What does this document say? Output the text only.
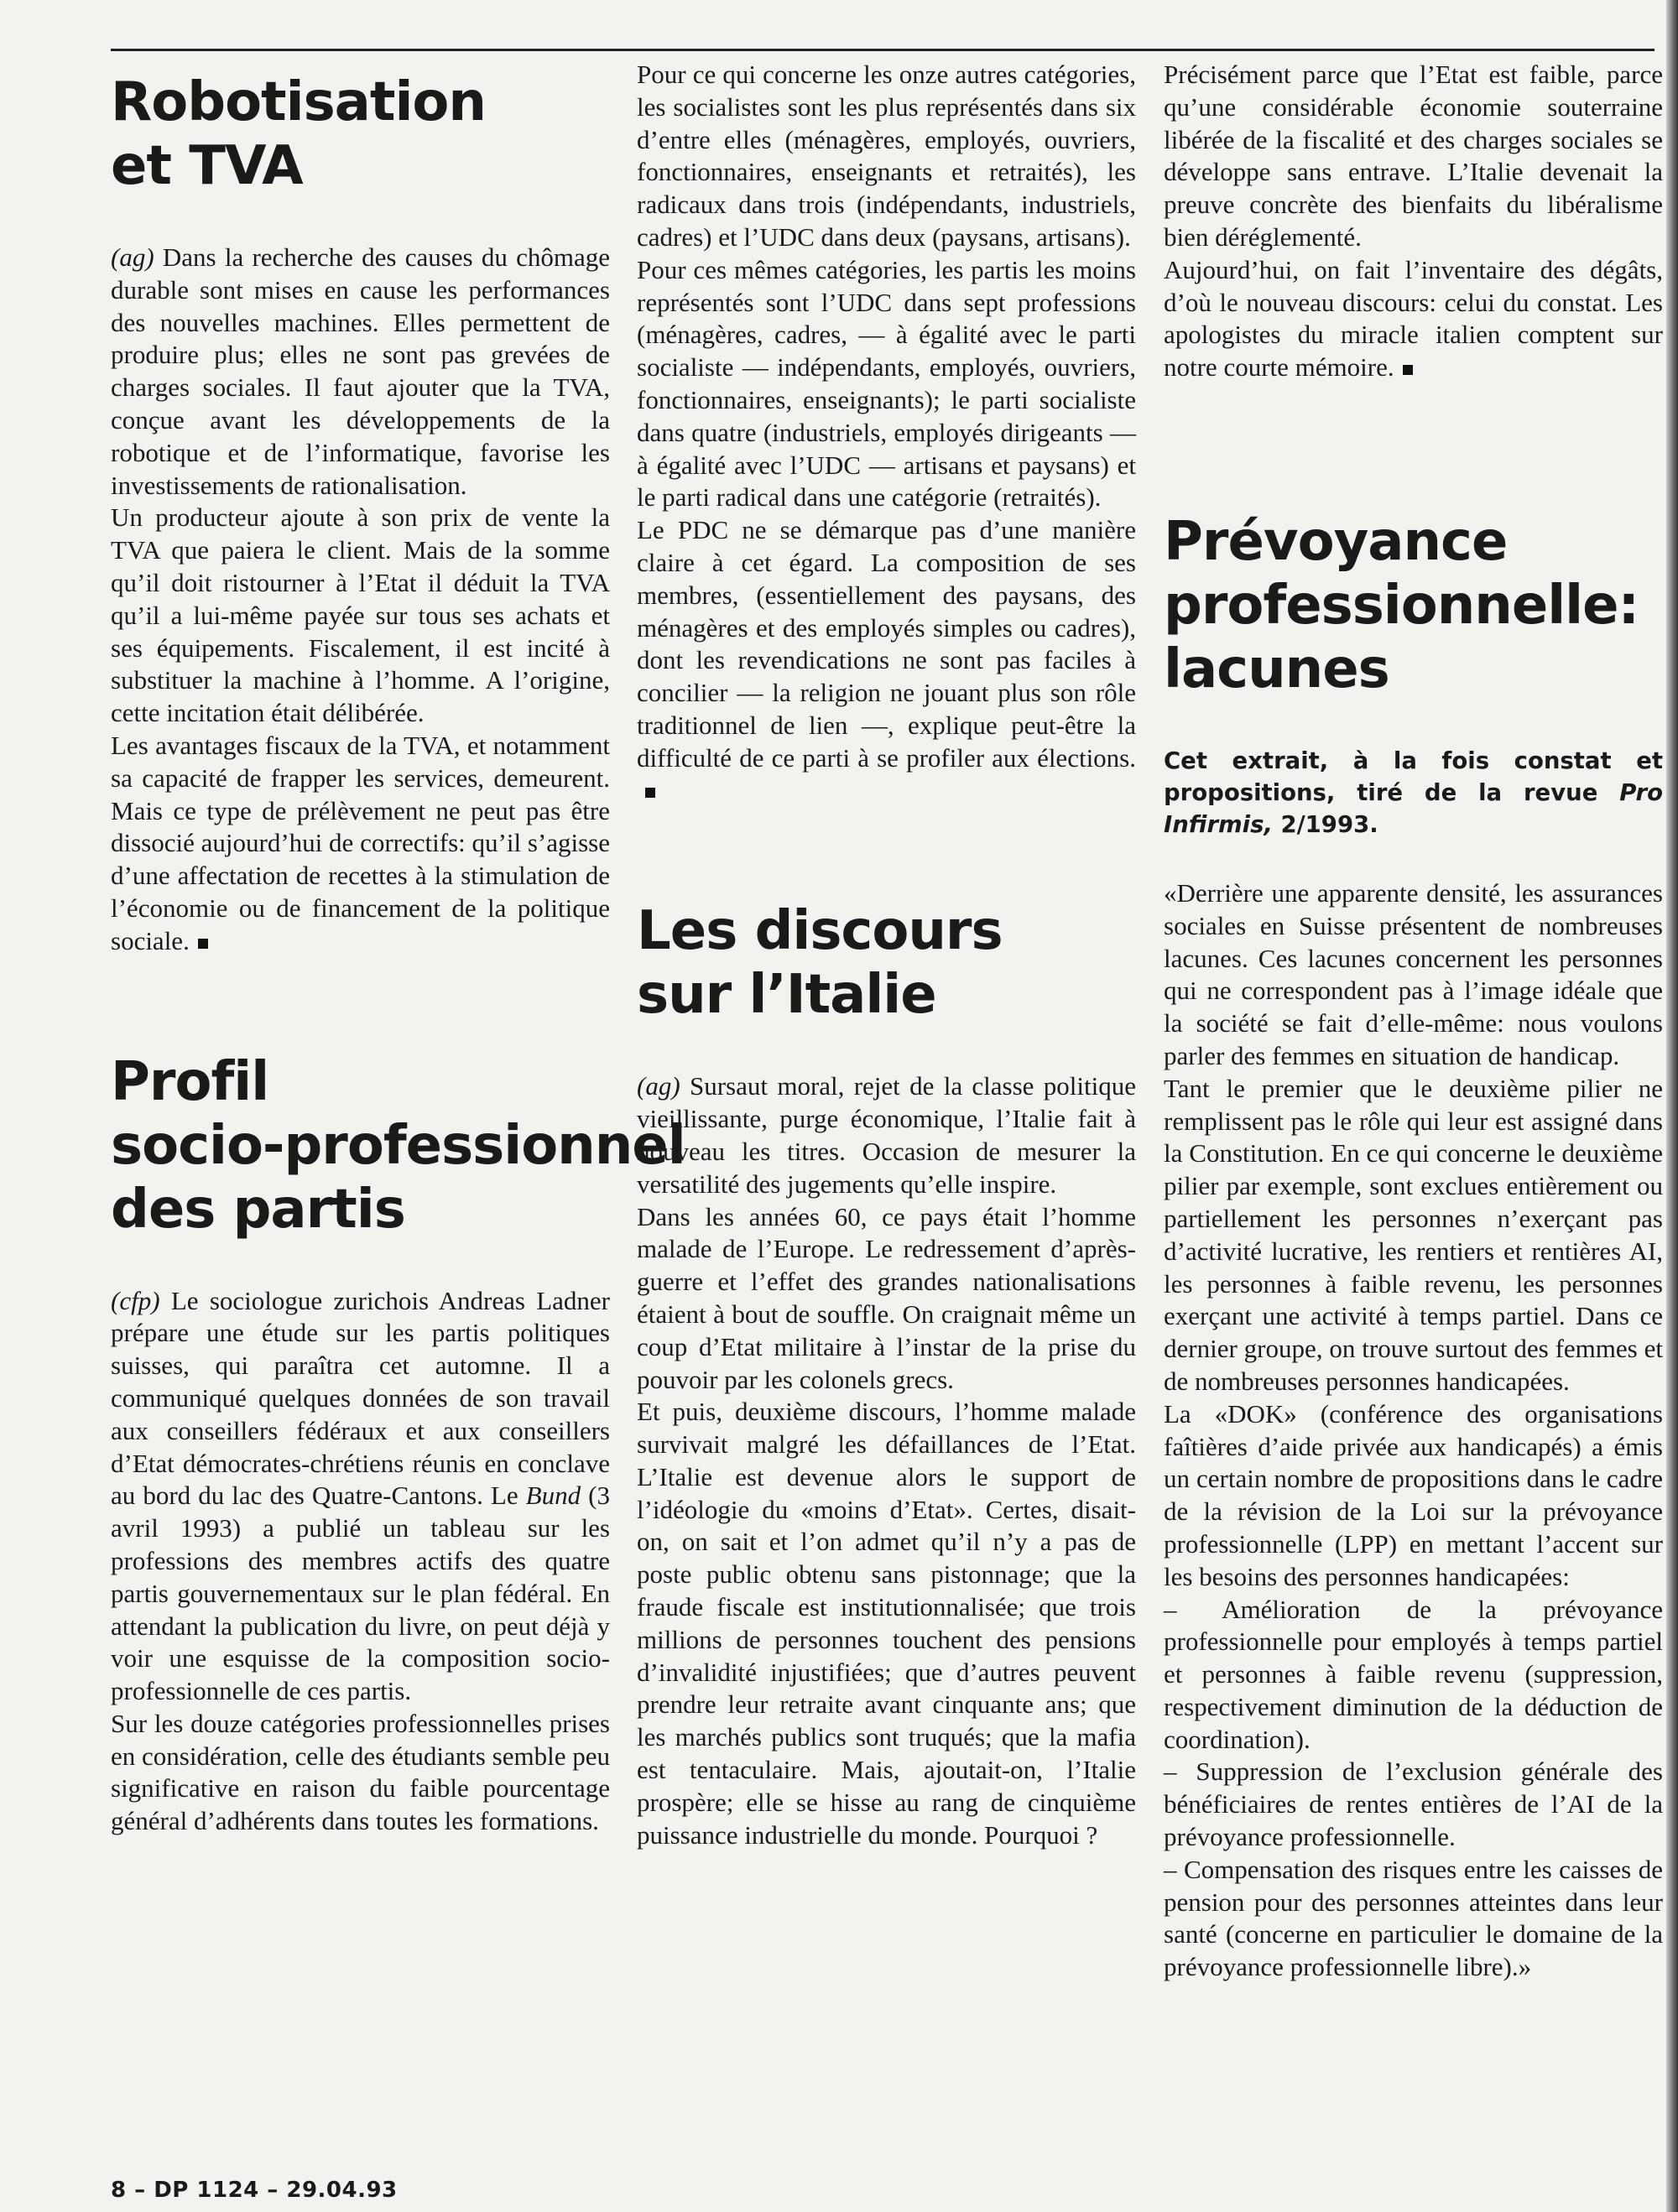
Robotisation
et TVA

(ag) Dans la recherche des causes du chômage durable sont mises en cause les performances des nouvelles machines. Elles permettent de produire plus; elles ne sont pas grevées de charges sociales. Il faut ajouter que la TVA, conçue avant les développements de la robotique et de l’informatique, favorise les investissements de rationalisation.

Un producteur ajoute à son prix de vente la TVA que paiera le client. Mais de la somme qu’il doit ristourner à l’Etat il déduit la TVA qu’il a lui-même payée sur tous ses achats et ses équipements. Fiscalement, il est incité à substituer la machine à l’homme. A l’origine, cette incitation était délibérée.

Les avantages fiscaux de la TVA, et notamment sa capacité de frapper les services, demeurent. Mais ce type de prélèvement ne peut pas être dissocié aujourd’hui de correctifs: qu’il s’agisse d’une affectation de recettes à la stimulation de l’économie ou de financement de la politique sociale.

Profil
socio-professionnel
des partis

(cfp) Le sociologue zurichois Andreas Ladner prépare une étude sur les partis politiques suisses, qui paraîtra cet automne. Il a communiqué quelques données de son travail aux conseillers fédéraux et aux conseillers d’Etat démocrates-chrétiens réunis en conclave au bord du lac des Quatre-Cantons. Le Bund (3 avril 1993) a publié un tableau sur les professions des membres actifs des quatre partis gouvernementaux sur le plan fédéral. En attendant la publication du livre, on peut déjà y voir une esquisse de la composition socio-professionnelle de ces partis.

Sur les douze catégories professionnelles prises en considération, celle des étudiants semble peu significative en raison du faible pourcentage général d’adhérents dans toutes les formations.

Pour ce qui concerne les onze autres catégories, les socialistes sont les plus représentés dans six d’entre elles (ménagères, employés, ouvriers, fonctionnaires, enseignants et retraités), les radicaux dans trois (indépendants, industriels, cadres) et l’UDC dans deux (paysans, artisans).

Pour ces mêmes catégories, les partis les moins représentés sont l’UDC dans sept professions (ménagères, cadres, — à égalité avec le parti socialiste — indépendants, employés, ouvriers, fonctionnaires, enseignants); le parti socialiste dans quatre (industriels, employés dirigeants — à égalité avec l’UDC — artisans et paysans) et le parti radical dans une catégorie (retraités).

Le PDC ne se démarque pas d’une manière claire à cet égard. La composition de ses membres, (essentiellement des paysans, des ménagères et des employés simples ou cadres), dont les revendications ne sont pas faciles à concilier — la religion ne jouant plus son rôle traditionnel de lien —, explique peut-être la difficulté de ce parti à se profiler aux élections.

Les discours
sur l’Italie

(ag) Sursaut moral, rejet de la classe politique vieillissante, purge économique, l’Italie fait à nouveau les titres. Occasion de mesurer la versatilité des jugements qu’elle inspire.

Dans les années 60, ce pays était l’homme malade de l’Europe. Le redressement d’après-guerre et l’effet des grandes nationalisations étaient à bout de souffle. On craignait même un coup d’Etat militaire à l’instar de la prise du pouvoir par les colonels grecs.

Et puis, deuxième discours, l’homme malade survivait malgré les défaillances de l’Etat. L’Italie est devenue alors le support de l’idéologie du «moins d’Etat». Certes, disait-on, on sait et l’on admet qu’il n’y a pas de poste public obtenu sans pistonnage; que la fraude fiscale est institutionnalisée; que trois millions de personnes touchent des pensions d’invalidité injustifiées; que d’autres peuvent prendre leur retraite avant cinquante ans; que les marchés publics sont truqués; que la mafia est tentaculaire. Mais, ajoutait-on, l’Italie prospère; elle se hisse au rang de cinquième puissance industrielle du monde. Pourquoi ?

Précisément parce que l’Etat est faible, parce qu’une considérable économie souterraine libérée de la fiscalité et des charges sociales se développe sans entrave. L’Italie devenait la preuve concrète des bienfaits du libéralisme bien déréglementé.

Aujourd’hui, on fait l’inventaire des dégâts, d’où le nouveau discours: celui du constat. Les apologistes du miracle italien comptent sur notre courte mémoire.

Prévoyance
professionnelle:
lacunes

Cet extrait, à la fois constat et propositions, tiré de la revue Pro Infirmis, 2/1993.

«Derrière une apparente densité, les assurances sociales en Suisse présentent de nombreuses lacunes. Ces lacunes concernent les personnes qui ne correspondent pas à l’image idéale que la société se fait d’elle-même: nous voulons parler des femmes en situation de handicap.

Tant le premier que le deuxième pilier ne remplissent pas le rôle qui leur est assigné dans la Constitution. En ce qui concerne le deuxième pilier par exemple, sont exclues entièrement ou partiellement les personnes n’exerçant pas d’activité lucrative, les rentiers et rentières AI, les personnes à faible revenu, les personnes exerçant une activité à temps partiel. Dans ce dernier groupe, on trouve surtout des femmes et de nombreuses personnes handicapées.

La «DOK» (conférence des organisations faîtières d’aide privée aux handicapés) a émis un certain nombre de propositions dans le cadre de la révision de la Loi sur la prévoyance professionnelle (LPP) en mettant l’accent sur les besoins des personnes handicapées:

– Amélioration de la prévoyance professionnelle pour employés à temps partiel et personnes à faible revenu (suppression, respectivement diminution de la déduction de coordination).

– Suppression de l’exclusion générale des bénéficiaires de rentes entières de l’AI de la prévoyance professionnelle.

– Compensation des risques entre les caisses de pension pour des personnes atteintes dans leur santé (concerne en particulier le domaine de la prévoyance professionnelle libre).»

8 – DP 1124 – 29.04.93
